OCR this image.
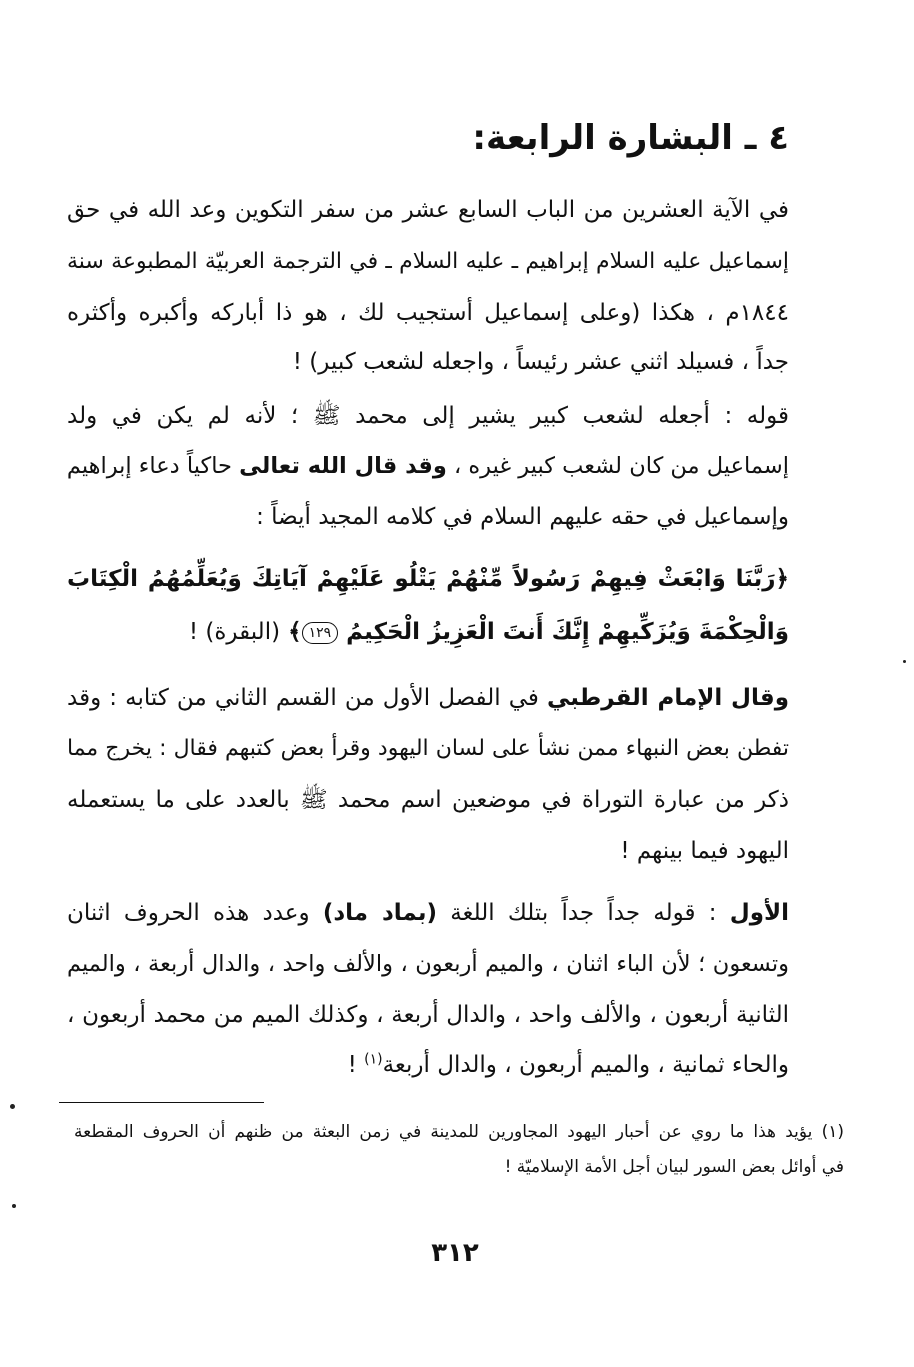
٤ ـ البشارة الرابعة:
في الآية العشرين من الباب السابع عشر من سفر التكوين وعد الله في حق
إسماعيل عليه السلام إبراهيم ـ عليه السلام ـ في الترجمة العربيّة المطبوعة سنة
١٨٤٤م ، هكذا (وعلى إسماعيل أستجيب لك ، هو ذا أباركه وأكبره وأكثره
جداً ، فسيلد اثني عشر رئيساً ، واجعله لشعب كبير) !
قوله : أجعله لشعب كبير يشير إلى محمد ﷺ ؛ لأنه لم يكن في ولد
إسماعيل من كان لشعب كبير غيره ، وقد قال الله تعالى حاكياً دعاء إبراهيم
وإسماعيل في حقه عليهم السلام في كلامه المجيد أيضاً :
﴿رَبَّنَا وَابْعَثْ فِيهِمْ رَسُولاً مِّنْهُمْ يَتْلُو عَلَيْهِمْ آيَاتِكَ وَيُعَلِّمُهُمُ الْكِتَابَ
وَالْحِكْمَةَ وَيُزَكِّيهِمْ إِنَّكَ أَنتَ الْعَزِيزُ الْحَكِيمُ ١٢٩﴾ (البقرة) !
وقال الإمام القرطبي في الفصل الأول من القسم الثاني من كتابه : وقد
تفطن بعض النبهاء ممن نشأ على لسان اليهود وقرأ بعض كتبهم فقال : يخرج مما
ذكر من عبارة التوراة في موضعين اسم محمد ﷺ بالعدد على ما يستعمله
اليهود فيما بينهم !
الأول : قوله جداً جداً بتلك اللغة (بماد ماد) وعدد هذه الحروف اثنان
وتسعون ؛ لأن الباء اثنان ، والميم أربعون ، والألف واحد ، والدال أربعة ، والميم
الثانية أربعون ، والألف واحد ، والدال أربعة ، وكذلك الميم من محمد أربعون ،
والحاء ثمانية ، والميم أربعون ، والدال أربعة$^{(١)}$ !
(١) يؤيد هذا ما روي عن أحبار اليهود المجاورين للمدينة في زمن البعثة من ظنهم أن الحروف المقطعة
في أوائل بعض السور لبيان أجل الأمة الإسلاميّة !
٣١٢
